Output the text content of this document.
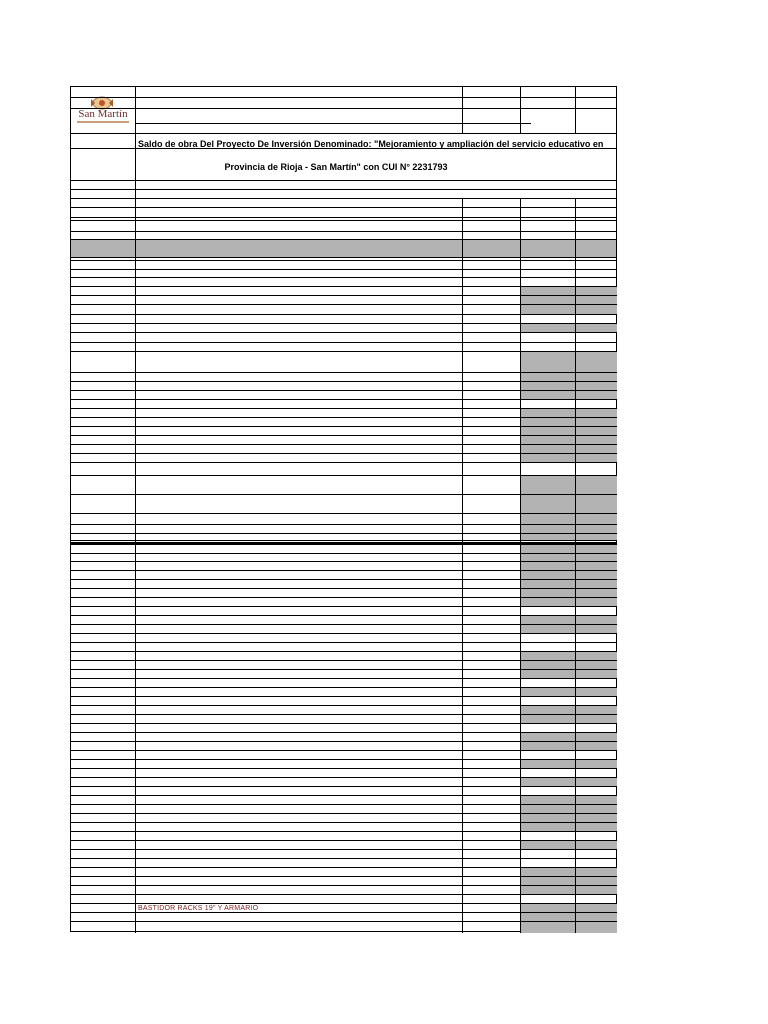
San Martín
Saldo de obra Del Proyecto De Inversión Denominado: "Mejoramiento y ampliación del servicio educativo en
Provincia de Rioja - San Martín" con CUI N° 2231793
BASTIDOR RACKS 19" Y ARMARIO
